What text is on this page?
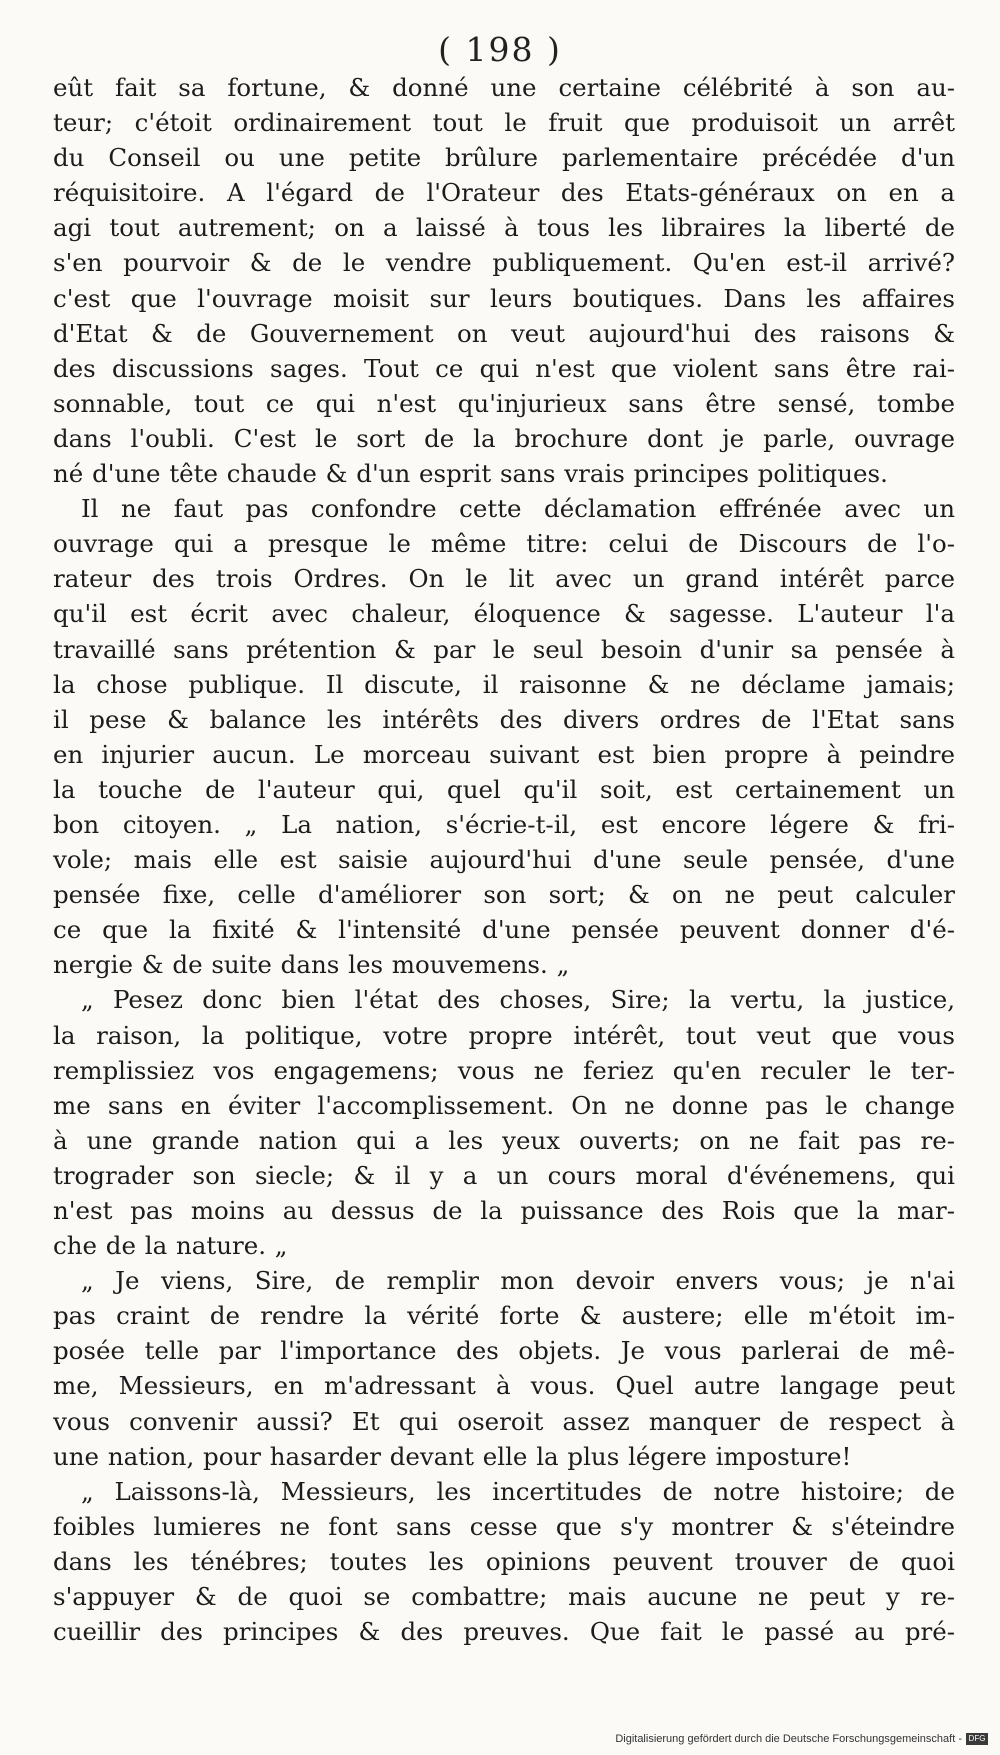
( 198 )
eût fait sa fortune, & donné une certaine célébrité à son au-
teur; c'étoit ordinairement tout le fruit que produisoit un arrêt
du Conseil ou une petite brûlure parlementaire précédée d'un
réquisitoire. A l'égard de l'Orateur des Etats-généraux on en a
agi tout autrement; on a laissé à tous les libraires la liberté de
s'en pourvoir & de le vendre publiquement. Qu'en est-il arrivé?
c'est que l'ouvrage moisit sur leurs boutiques. Dans les affaires
d'Etat & de Gouvernement on veut aujourd'hui des raisons &
des discussions sages. Tout ce qui n'est que violent sans être rai-
sonnable, tout ce qui n'est qu'injurieux sans être sensé, tombe
dans l'oubli. C'est le sort de la brochure dont je parle, ouvrage
né d'une tête chaude & d'un esprit sans vrais principes politiques.
Il ne faut pas confondre cette déclamation effrénée avec un
ouvrage qui a presque le même titre: celui de Discours de l'o-
rateur des trois Ordres. On le lit avec un grand intérêt parce
qu'il est écrit avec chaleur, éloquence & sagesse. L'auteur l'a
travaillé sans prétention & par le seul besoin d'unir sa pensée à
la chose publique. Il discute, il raisonne & ne déclame jamais;
il pese & balance les intérêts des divers ordres de l'Etat sans
en injurier aucun. Le morceau suivant est bien propre à peindre
la touche de l'auteur qui, quel qu'il soit, est certainement un
bon citoyen. „ La nation, s'écrie-t-il, est encore légere & fri-
vole; mais elle est saisie aujourd'hui d'une seule pensée, d'une
pensée fixe, celle d'améliorer son sort; & on ne peut calculer
ce que la fixité & l'intensité d'une pensée peuvent donner d'é-
nergie & de suite dans les mouvemens. „
„ Pesez donc bien l'état des choses, Sire; la vertu, la justice,
la raison, la politique, votre propre intérêt, tout veut que vous
remplissiez vos engagemens; vous ne feriez qu'en reculer le ter-
me sans en éviter l'accomplissement. On ne donne pas le change
à une grande nation qui a les yeux ouverts; on ne fait pas re-
trograder son siecle; & il y a un cours moral d'événemens, qui
n'est pas moins au dessus de la puissance des Rois que la mar-
che de la nature. „
„ Je viens, Sire, de remplir mon devoir envers vous; je n'ai
pas craint de rendre la vérité forte & austere; elle m'étoit im-
posée telle par l'importance des objets. Je vous parlerai de mê-
me, Messieurs, en m'adressant à vous. Quel autre langage peut
vous convenir aussi? Et qui oseroit assez manquer de respect à
une nation, pour hasarder devant elle la plus légere imposture!
„ Laissons-là, Messieurs, les incertitudes de notre histoire; de
foibles lumieres ne font sans cesse que s'y montrer & s'éteindre
dans les ténébres; toutes les opinions peuvent trouver de quoi
s'appuyer & de quoi se combattre; mais aucune ne peut y re-
cueillir des principes & des preuves. Que fait le passé au pré-
Digitalisierung gefördert durch die Deutsche Forschungsgemeinschaft - DFG
